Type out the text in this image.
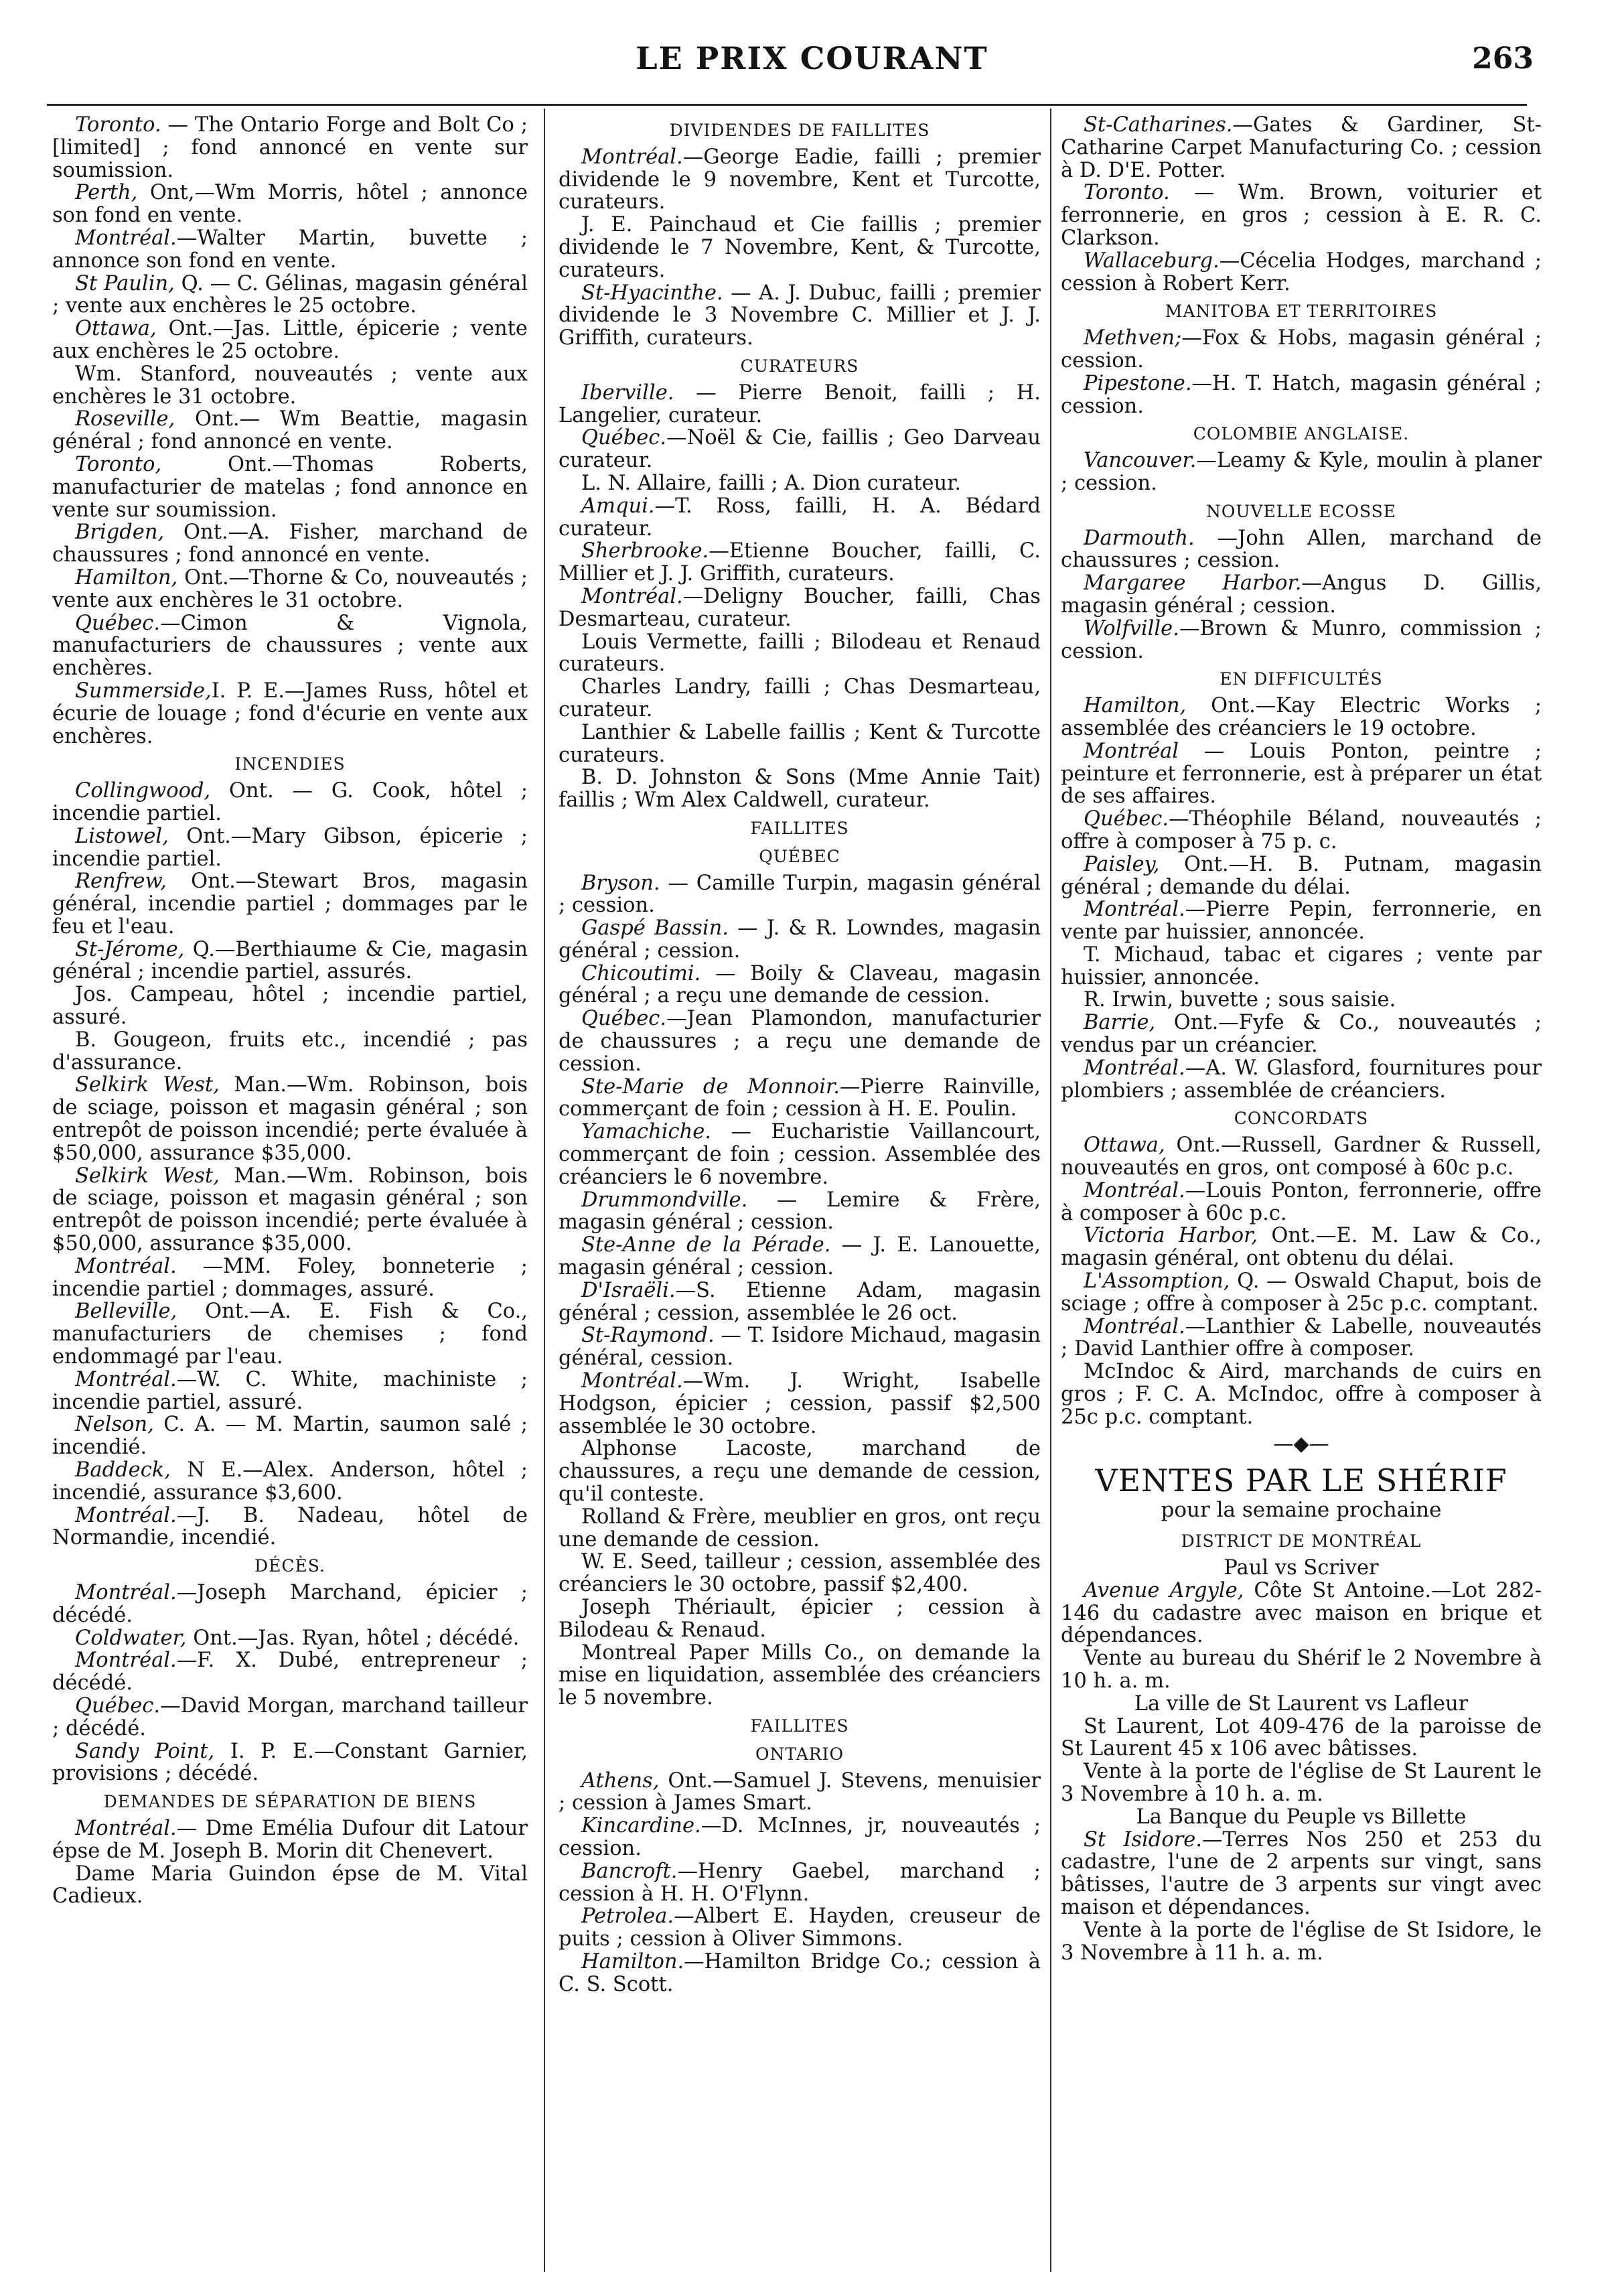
LE PRIX COURANT	263

Toronto. — The Ontario Forge and Bolt Co ; [limited] ; fond annoncé en vente sur soumission.

Perth, Ont,—Wm Morris, hôtel ; annonce son fond en vente.

Montréal.—Walter Martin, buvette ; annonce son fond en vente.

St Paulin, Q. — C. Gélinas, magasin général ; vente aux enchères le 25 octobre.

Ottawa, Ont.—Jas. Little, épicerie ; vente aux enchères le 25 octobre.

Wm. Stanford, nouveautés ; vente aux enchères le 31 octobre.

Roseville, Ont.— Wm Beattie, magasin général ; fond annoncé en vente.

Toronto, Ont.—Thomas Roberts, manufacturier de matelas ; fond annonce en vente sur soumission.

Brigden, Ont.—A. Fisher, marchand de chaussures ; fond annoncé en vente.

Hamilton, Ont.—Thorne & Co, nouveautés ; vente aux enchères le 31 octobre.

Québec.—Cimon & Vignola, manufacturiers de chaussures ; vente aux enchères.

Summerside,I. P. E.—James Russ, hôtel et écurie de louage ; fond d'écurie en vente aux enchères.

INCENDIES

Collingwood, Ont. — G. Cook, hôtel ; incendie partiel.

Listowel, Ont.—Mary Gibson, épicerie ; incendie partiel.

Renfrew, Ont.—Stewart Bros, magasin général, incendie partiel ; dommages par le feu et l'eau.

St-Jérome, Q.—Berthiaume & Cie, magasin général ; incendie partiel, assurés.

Jos. Campeau, hôtel ; incendie partiel, assuré.

B. Gougeon, fruits etc., incendié ; pas d'assurance.

Selkirk West, Man.—Wm. Robinson, bois de sciage, poisson et magasin général ; son entrepôt de poisson incendié; perte évaluée à $50,000, assurance $35,000.

Selkirk West, Man.—Wm. Robinson, bois de sciage, poisson et magasin général ; son entrepôt de poisson incendié; perte évaluée à $50,000, assurance $35,000.

Montréal. —MM. Foley, bonneterie ; incendie partiel ; dommages, assuré.

Belleville, Ont.—A. E. Fish & Co., manufacturiers de chemises ; fond endommagé par l'eau.

Montréal.—W. C. White, machiniste ; incendie partiel, assuré.

Nelson, C. A. — M. Martin, saumon salé ; incendié.

Baddeck, N E.—Alex. Anderson, hôtel ; incendié, assurance $3,600.

Montréal.—J. B. Nadeau, hôtel de Normandie, incendié.

DÉCÈS.

Montréal.—Joseph Marchand, épicier ; décédé.

Coldwater, Ont.—Jas. Ryan, hôtel ; décédé.

Montréal.—F. X. Dubé, entrepreneur ; décédé.

Québec.—David Morgan, marchand tailleur ; décédé.

Sandy Point, I. P. E.—Constant Garnier, provisions ; décédé.

DEMANDES DE SÉPARATION DE BIENS

Montréal.— Dme Emélia Dufour dit Latour épse de M. Joseph B. Morin dit Chenevert.

Dame Maria Guindon épse de M. Vital Cadieux.

DIVIDENDES DE FAILLITES

Montréal.—George Eadie, failli ; premier dividende le 9 novembre, Kent et Turcotte, curateurs.

J. E. Painchaud et Cie faillis ; premier dividende le 7 Novembre, Kent, & Turcotte, curateurs.

St-Hyacinthe. — A. J. Dubuc, failli ; premier dividende le 3 Novembre C. Millier et J. J. Griffith, curateurs.

CURATEURS

Iberville. — Pierre Benoit, failli ; H. Langelier, curateur.

Québec.—Noël & Cie, faillis ; Geo Darveau curateur.

L. N. Allaire, failli ; A. Dion curateur.

Amqui.—T. Ross, failli, H. A. Bédard curateur.

Sherbrooke.—Etienne Boucher, failli, C. Millier et J. J. Griffith, curateurs.

Montréal.—Deligny Boucher, failli, Chas Desmarteau, curateur.

Louis Vermette, failli ; Bilodeau et Renaud curateurs.

Charles Landry, failli ; Chas Desmarteau, curateur.

Lanthier & Labelle faillis ; Kent & Turcotte curateurs.

B. D. Johnston & Sons (Mme Annie Tait) faillis ; Wm Alex Caldwell, curateur.

FAILLITES
QUÉBEC

Bryson. — Camille Turpin, magasin général ; cession.

Gaspé Bassin. — J. & R. Lowndes, magasin général ; cession.

Chicoutimi. — Boily & Claveau, magasin général ; a reçu une demande de cession.

Québec.—Jean Plamondon, manufacturier de chaussures ; a reçu une demande de cession.

Ste-Marie de Monnoir.—Pierre Rainville, commerçant de foin ; cession à H. E. Poulin.

Yamachiche. — Eucharistie Vaillancourt, commerçant de foin ; cession. Assemblée des créanciers le 6 novembre.

Drummondville. — Lemire & Frère, magasin général ; cession.

Ste-Anne de la Pérade. — J. E. Lanouette, magasin général ; cession.

D'Israëli.—S. Etienne Adam, magasin général ; cession, assemblée le 26 oct.

St-Raymond. — T. Isidore Michaud, magasin général, cession.

Montréal.—Wm. J. Wright, Isabelle Hodgson, épicier ; cession, passif $2,500 assemblée le 30 octobre.

Alphonse Lacoste, marchand de chaussures, a reçu une demande de cession, qu'il conteste.

Rolland & Frère, meublier en gros, ont reçu une demande de cession.

W. E. Seed, tailleur ; cession, assemblée des créanciers le 30 octobre, passif $2,400.

Joseph Thériault, épicier ; cession à Bilodeau & Renaud.

Montreal Paper Mills Co., on demande la mise en liquidation, assemblée des créanciers le 5 novembre.

FAILLITES
ONTARIO

Athens, Ont.—Samuel J. Stevens, menuisier ; cession à James Smart.

Kincardine.—D. McInnes, jr, nouveautés ; cession.

Bancroft.—Henry Gaebel, marchand ; cession à H. H. O'Flynn.

Petrolea.—Albert E. Hayden, creuseur de puits ; cession à Oliver Simmons.

Hamilton.—Hamilton Bridge Co.; cession à C. S. Scott.

St-Catharines.—Gates & Gardiner, St-Catharine Carpet Manufacturing Co. ; cession à D. D'E. Potter.

Toronto. — Wm. Brown, voiturier et ferronnerie, en gros ; cession à E. R. C. Clarkson.

Wallaceburg.—Cécelia Hodges, marchand ; cession à Robert Kerr.

MANITOBA ET TERRITOIRES

Methven;—Fox & Hobs, magasin général ; cession.

Pipestone.—H. T. Hatch, magasin général ; cession.

COLOMBIE ANGLAISE.

Vancouver.—Leamy & Kyle, moulin à planer ; cession.

NOUVELLE ECOSSE

Darmouth. —John Allen, marchand de chaussures ; cession.

Margaree Harbor.—Angus D. Gillis, magasin général ; cession.

Wolfville.—Brown & Munro, commission ; cession.

EN DIFFICULTÉS

Hamilton, Ont.—Kay Electric Works ; assemblée des créanciers le 19 octobre.

Montréal — Louis Ponton, peintre ; peinture et ferronnerie, est à préparer un état de ses affaires.

Québec.—Théophile Béland, nouveautés ; offre à composer à 75 p. c.

Paisley, Ont.—H. B. Putnam, magasin général ; demande du délai.

Montréal.—Pierre Pepin, ferronnerie, en vente par huissier, annoncée.

T. Michaud, tabac et cigares ; vente par huissier, annoncée.

R. Irwin, buvette ; sous saisie.

Barrie, Ont.—Fyfe & Co., nouveautés ; vendus par un créancier.

Montréal.—A. W. Glasford, fournitures pour plombiers ; assemblée de créanciers.

CONCORDATS

Ottawa, Ont.—Russell, Gardner & Russell, nouveautés en gros, ont composé à 60c p.c.

Montréal.—Louis Ponton, ferronnerie, offre à composer à 60c p.c.

Victoria Harbor, Ont.—E. M. Law & Co., magasin général, ont obtenu du délai.

L'Assomption, Q. — Oswald Chaput, bois de sciage ; offre à composer à 25c p.c. comptant.

Montréal.—Lanthier & Labelle, nouveautés ; David Lanthier offre à composer.

McIndoc & Aird, marchands de cuirs en gros ; F. C. A. McIndoc, offre à composer à 25c p.c. comptant.

—◆—
VENTES PAR LE SHÉRIF

pour la semaine prochaine

DISTRICT DE MONTRÉAL

Paul vs Scriver

Avenue Argyle, Côte St Antoine.—Lot 282-146 du cadastre avec maison en brique et dépendances.

Vente au bureau du Shérif le 2 Novembre à 10 h. a. m.

La ville de St Laurent vs Lafleur

St Laurent, Lot 409-476 de la paroisse de St Laurent 45 x 106 avec bâtisses.

Vente à la porte de l'église de St Laurent le 3 Novembre à 10 h. a. m.

La Banque du Peuple vs Billette

St Isidore.—Terres Nos 250 et 253 du cadastre, l'une de 2 arpents sur vingt, sans bâtisses, l'autre de 3 arpents sur vingt avec maison et dépendances.

Vente à la porte de l'église de St Isidore, le 3 Novembre à 11 h. a. m.
